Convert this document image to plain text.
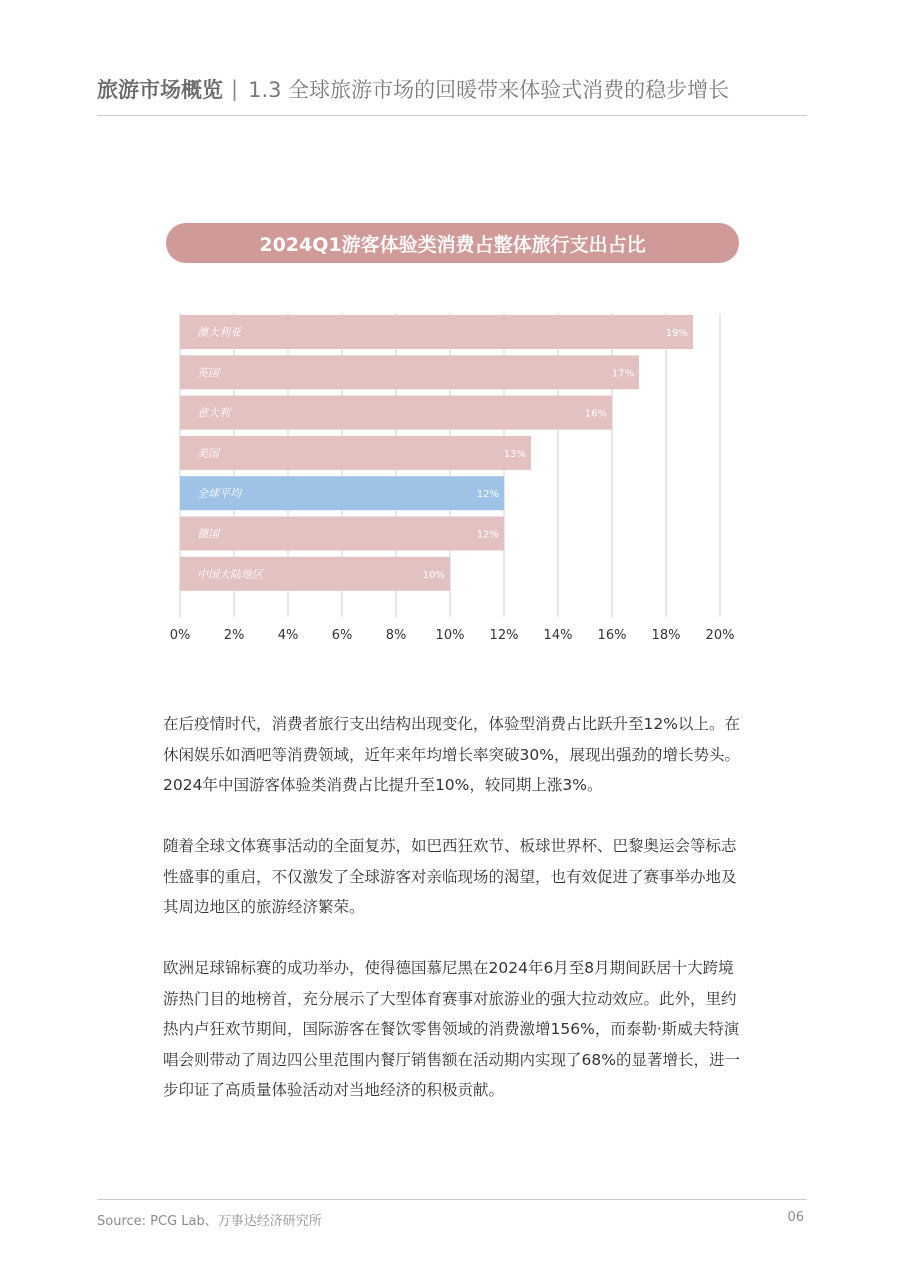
旅游市场概览 | 1.3 全球旅游市场的回暖带来体验式消费的稳步增长
2024Q1游客体验类消费占整体旅行支出占比
澳大利亚	19%
英国	17%
意大利	16%
美国	13%
全球平均	12%
德国	12%
中国大陆地区	10%
0%	2%	4%	6%	8% 10% 12% 14% 16% 18% 20%

在后疫情时代，消费者旅行支出结构出现变化，体验型消费占比跃升至12%以上。在休闲娱乐如酒吧等消费领域，近年来年均增长率突破30%，展现出强劲的增长势头。2024年中国游客体验类消费占比提升至10%，较同期上涨3%。

随着全球文体赛事活动的全面复苏，如巴西狂欢节、板球世界杯、巴黎奥运会等标志性盛事的重启，不仅激发了全球游客对亲临现场的渴望，也有效促进了赛事举办地及其周边地区的旅游经济繁荣。

欧洲足球锦标赛的成功举办，使得德国慕尼黑在2024年6月至8月期间跃居十大跨境游热门目的地榜首，充分展示了大型体育赛事对旅游业的强大拉动效应。此外，里约热内卢狂欢节期间，国际游客在餐饮零售领域的消费激增156%，而泰勒·斯威夫特演唱会则带动了周边四公里范围内餐厅销售额在活动期内实现了68%的显著增长，进一步印证了高质量体验活动对当地经济的积极贡献。

Source: PCG Lab、万事达经济研究所	06
